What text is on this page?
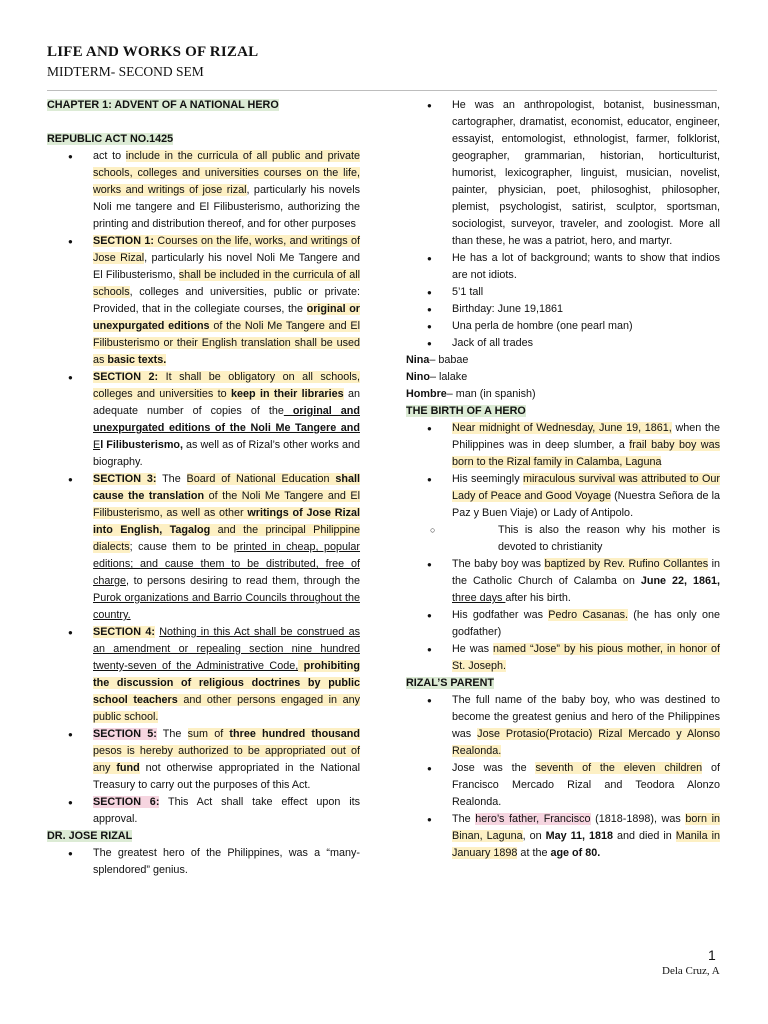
LIFE AND WORKS OF RIZAL
MIDTERM- SECOND SEM
CHAPTER 1: ADVENT OF A NATIONAL HERO
REPUBLIC ACT NO.1425
● act to include in the curricula of all public and private schools, colleges and universities courses on the life, works and writings of jose rizal, particularly his novels Noli me tangere and El Filibusterismo, authorizing the printing and distribution thereof, and for other purposes
● SECTION 1: Courses on the life, works, and writings of Jose Rizal, particularly his novel Noli Me Tangere and El Filibusterismo, shall be included in the curricula of all schools, colleges and universities, public or private: Provided, that in the collegiate courses, the original or unexpurgated editions of the Noli Me Tangere and El Filibusterismo or their English translation shall be used as basic texts.
● SECTION 2: It shall be obligatory on all schools, colleges and universities to keep in their libraries an adequate number of copies of the original and unexpurgated editions of the Noli Me Tangere and El Filibusterismo, as well as of Rizal’s other works and biography.
● SECTION 3: The Board of National Education shall cause the translation of the Noli Me Tangere and El Filibusterismo, as well as other writings of Jose Rizal into English, Tagalog and the principal Philippine dialects; cause them to be printed in cheap, popular editions; and cause them to be distributed, free of charge, to persons desiring to read them, through the Purok organizations and Barrio Councils throughout the country.
● SECTION 4: Nothing in this Act shall be construed as an amendment or repealing section nine hundred twenty-seven of the Administrative Code, prohibiting the discussion of religious doctrines by public school teachers and other persons engaged in any public school.
● SECTION 5: The sum of three hundred thousand pesos is hereby authorized to be appropriated out of any fund not otherwise appropriated in the National Treasury to carry out the purposes of this Act.
● SECTION 6: This Act shall take effect upon its approval.
DR. JOSE RIZAL
● The greatest hero of the Philippines, was a “many-splendored” genius.
● He was an anthropologist, botanist, businessman, cartographer, dramatist, economist, educator, engineer, essayist, entomologist, ethnologist, farmer, folklorist, geographer, grammarian, historian, horticulturist, humorist, lexicographer, linguist, musician, novelist, painter, physician, poet, philosoghist, philosopher, plemist, psychologist, satirist, sculptor, sportsman, sociologist, surveyor, traveler, and zoologist. More all than these, he was a patriot, hero, and martyr.
● He has a lot of background; wants to show that indios are not idiots.
● 5’1 tall
● Birthday: June 19,1861
● Una perla de hombre (one pearl man)
● Jack of all trades
Nina– babae
Nino– lalake
Hombre– man (in spanish)
THE BIRTH OF A HERO
● Near midnight of Wednesday, June 19, 1861, when the Philippines was in deep slumber, a frail baby boy was born to the Rizal family in Calamba, Laguna
● His seemingly miraculous survival was attributed to Our Lady of Peace and Good Voyage (Nuestra Señora de la Paz y Buen Viaje) or Lady of Antipolo.
○ This is also the reason why his mother is devoted to christianity
● The baby boy was baptized by Rev. Rufino Collantes in the Catholic Church of Calamba on June 22, 1861, three days after his birth.
● His godfather was Pedro Casanas. (he has only one godfather)
● He was named “Jose” by his pious mother, in honor of St. Joseph.
RIZAL’S PARENT
● The full name of the baby boy, who was destined to become the greatest genius and hero of the Philippines was Jose Protasio(Protacio) Rizal Mercado y Alonso Realonda.
● Jose was the seventh of the eleven children of Francisco Mercado Rizal and Teodora Alonzo Realonda.
● The hero’s father, Francisco (1818-1898), was born in Binan, Laguna, on May 11, 1818 and died in Manila in January 1898 at the age of 80.
1
Dela Cruz, A
